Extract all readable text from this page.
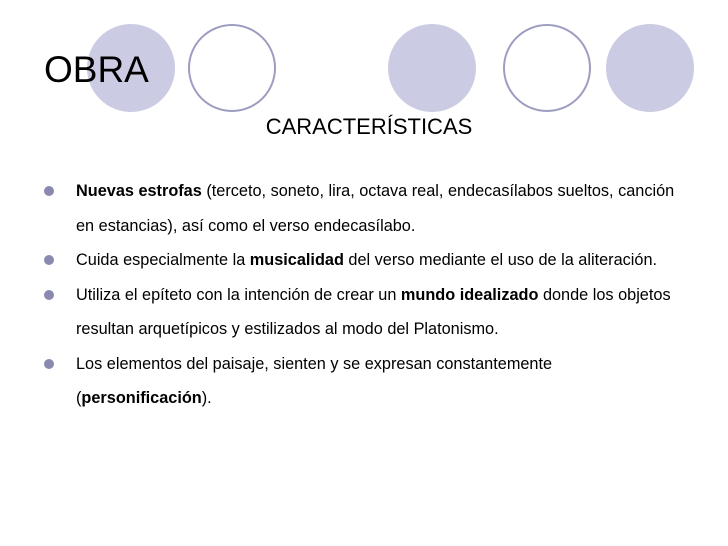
OBRA
CARACTERÍSTICAS
Nuevas estrofas (terceto, soneto, lira, octava real, endecasílabos sueltos, canción en estancias), así como el verso endecasílabo.
Cuida especialmente la musicalidad del verso mediante el uso de la aliteración.
Utiliza el epíteto con la intención de crear un mundo idealizado donde los objetos resultan arquetípicos y estilizados al modo del Platonismo.
Los elementos del paisaje, sienten y se expresan constantemente (personificación).
